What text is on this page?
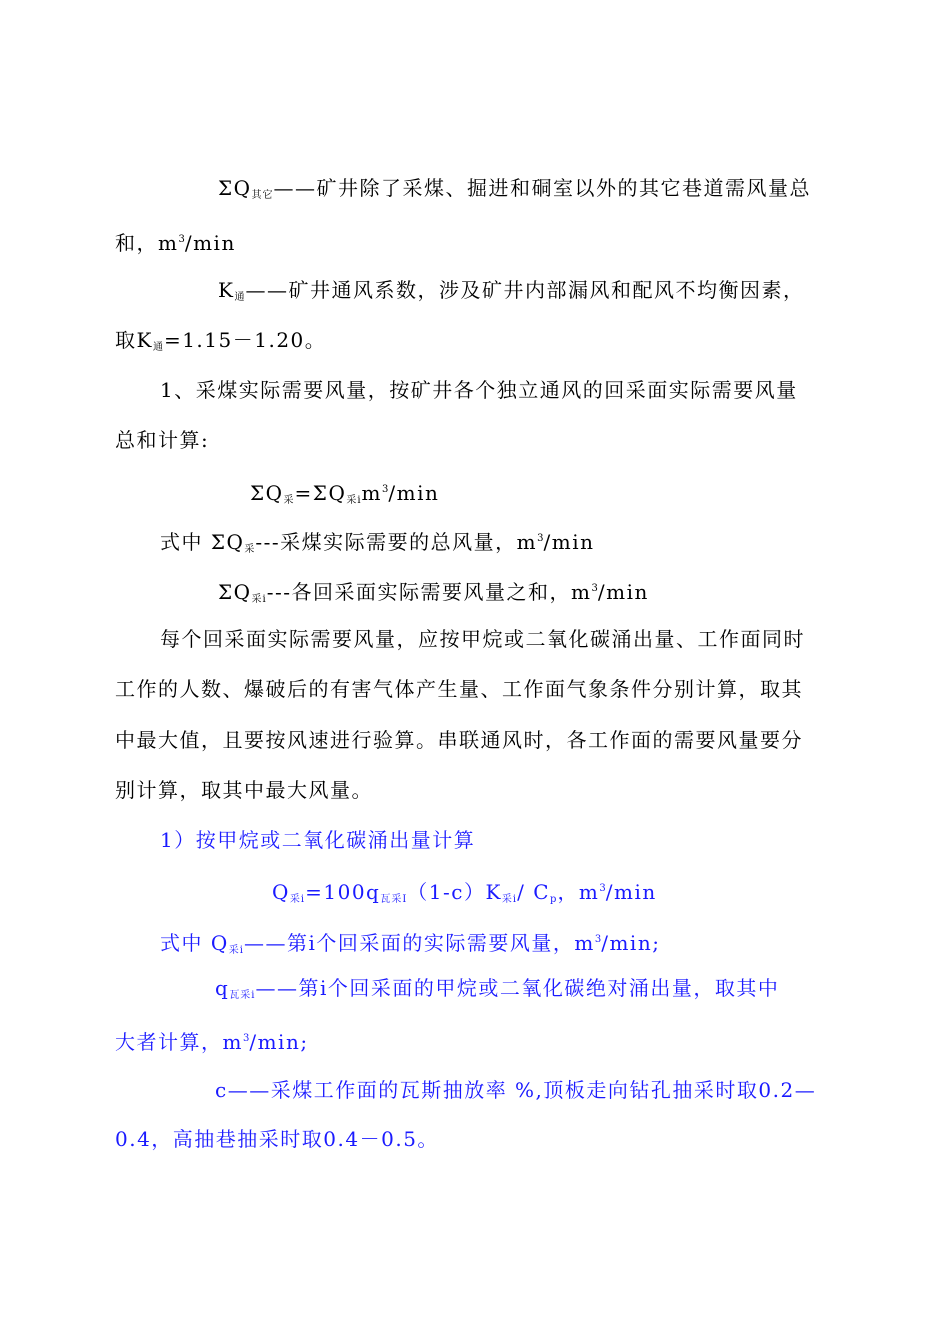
$\Sigma Q_{其它}——$矿井除了采煤、掘进和硐室以外的其它巷道需风量总
和，$m^3/\min$
$K_通——$矿井通风系数，涉及矿井内部漏风和配风不均衡因素，
取$K_通=1.15-1.20$。
1、采煤实际需要风量，按矿井各个独立通风的回采面实际需要风量
总和计算:
$\Sigma Q_采=\Sigma Q_{采i}m^3/\min$
式中 $\Sigma Q_采---$采煤实际需要的总风量，$m^3/\min$
$\Sigma Q_{采i}---$各回采面实际需要风量之和，$m^3/\min$
每个回采面实际需要风量，应按甲烷或二氧化碳涌出量、工作面同时
工作的人数、爆破后的有害气体产生量、工作面气象条件分别计算，取其
中最大值，且要按风速进行验算。串联通风时，各工作面的需要风量要分
别计算，取其中最大风量。
1）按甲烷或二氧化碳涌出量计算
$Q_{采i}=100q_{瓦采I}(1-c)K_{采i}/$ $C_p$，$m^3/\min$
式中 $Q_{采i}——$第i个回采面的实际需要风量，$m^3/\min$;
$q_{瓦采i}——$第i个回采面的甲烷或二氧化碳绝对涌出量，取其中
大者计算，$m^3/\min$;
c——采煤工作面的瓦斯抽放率 %,顶板走向钻孔抽采时取0.2—
0.4，高抽巷抽采时取0.4－0.5。
